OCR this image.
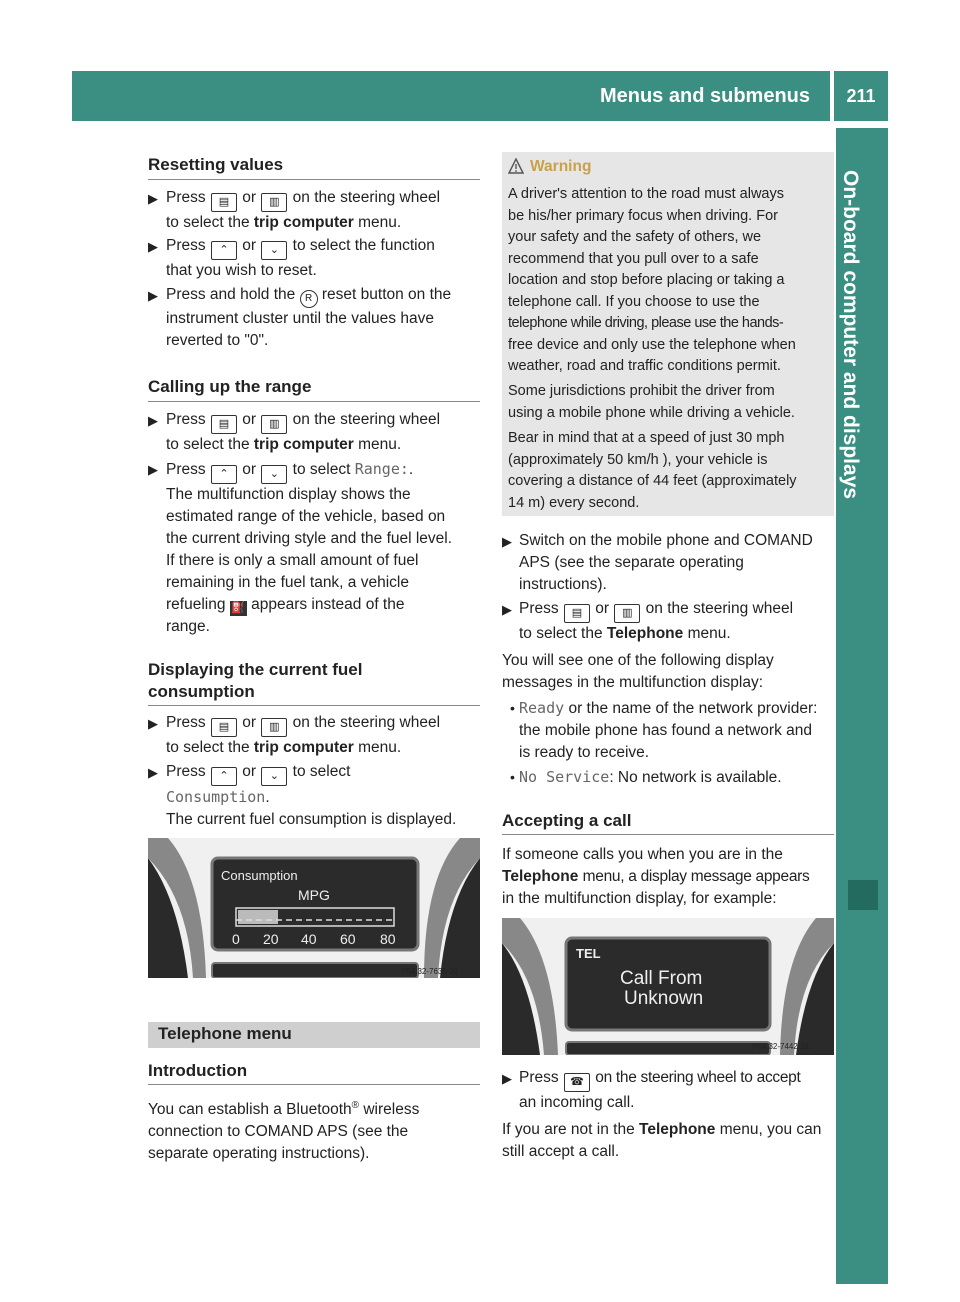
Menus and submenus	211
On-board computer and displays
Resetting values
▶ Press ▤ or ▥ on the steering wheel
to select the trip computer menu.
▶ Press ⌃ or ⌄ to select the function
that you wish to reset.
▶ Press and hold the R reset button on the
instrument cluster until the values have
reverted to "0".
Calling up the range
▶ Press ▤ or ▥ on the steering wheel
to select the trip computer menu.
▶ Press ⌃ or ⌄ to select Range:.
The multifunction display shows the
estimated range of the vehicle, based on
the current driving style and the fuel level.
If there is only a small amount of fuel
remaining in the fuel tank, a vehicle
refueling ⛽ appears instead of the
range.
Displaying the current fuel
consumption
▶ Press ▤ or ▥ on the steering wheel
to select the trip computer menu.
▶ Press ⌃ or ⌄ to select
Consumption.
The current fuel consumption is displayed.
Consumption
MPG
0 20 40 60 80
P54.32-7635-31
Telephone menu
Introduction
You can establish a Bluetooth® wireless
connection to COMAND APS (see the
separate operating instructions).
Warning
A driver's attention to the road must always
be his/her primary focus when driving. For
your safety and the safety of others, we
recommend that you pull over to a safe
location and stop before placing or taking a
telephone call. If you choose to use the
telephone while driving, please use the hands-
free device and only use the telephone when
weather, road and traffic conditions permit.
Some jurisdictions prohibit the driver from
using a mobile phone while driving a vehicle.
Bear in mind that at a speed of just 30 mph
(approximately 50 km/h ), your vehicle is
covering a distance of 44 feet (approximately
14 m) every second.
▶ Switch on the mobile phone and COMAND
APS (see the separate operating
instructions).
▶ Press ▤ or ▥ on the steering wheel
to select the Telephone menu.
You will see one of the following display
messages in the multifunction display:
• Ready or the name of the network provider:
the mobile phone has found a network and
is ready to receive.
• No Service: No network is available.
Accepting a call
If someone calls you when you are in the
Telephone menu, a display message appears
in the multifunction display, for example:
TEL
Call From
Unknown
P54.32-7442-31
▶ Press ☎ on the steering wheel to accept
an incoming call.
If you are not in the Telephone menu, you can
still accept a call.
